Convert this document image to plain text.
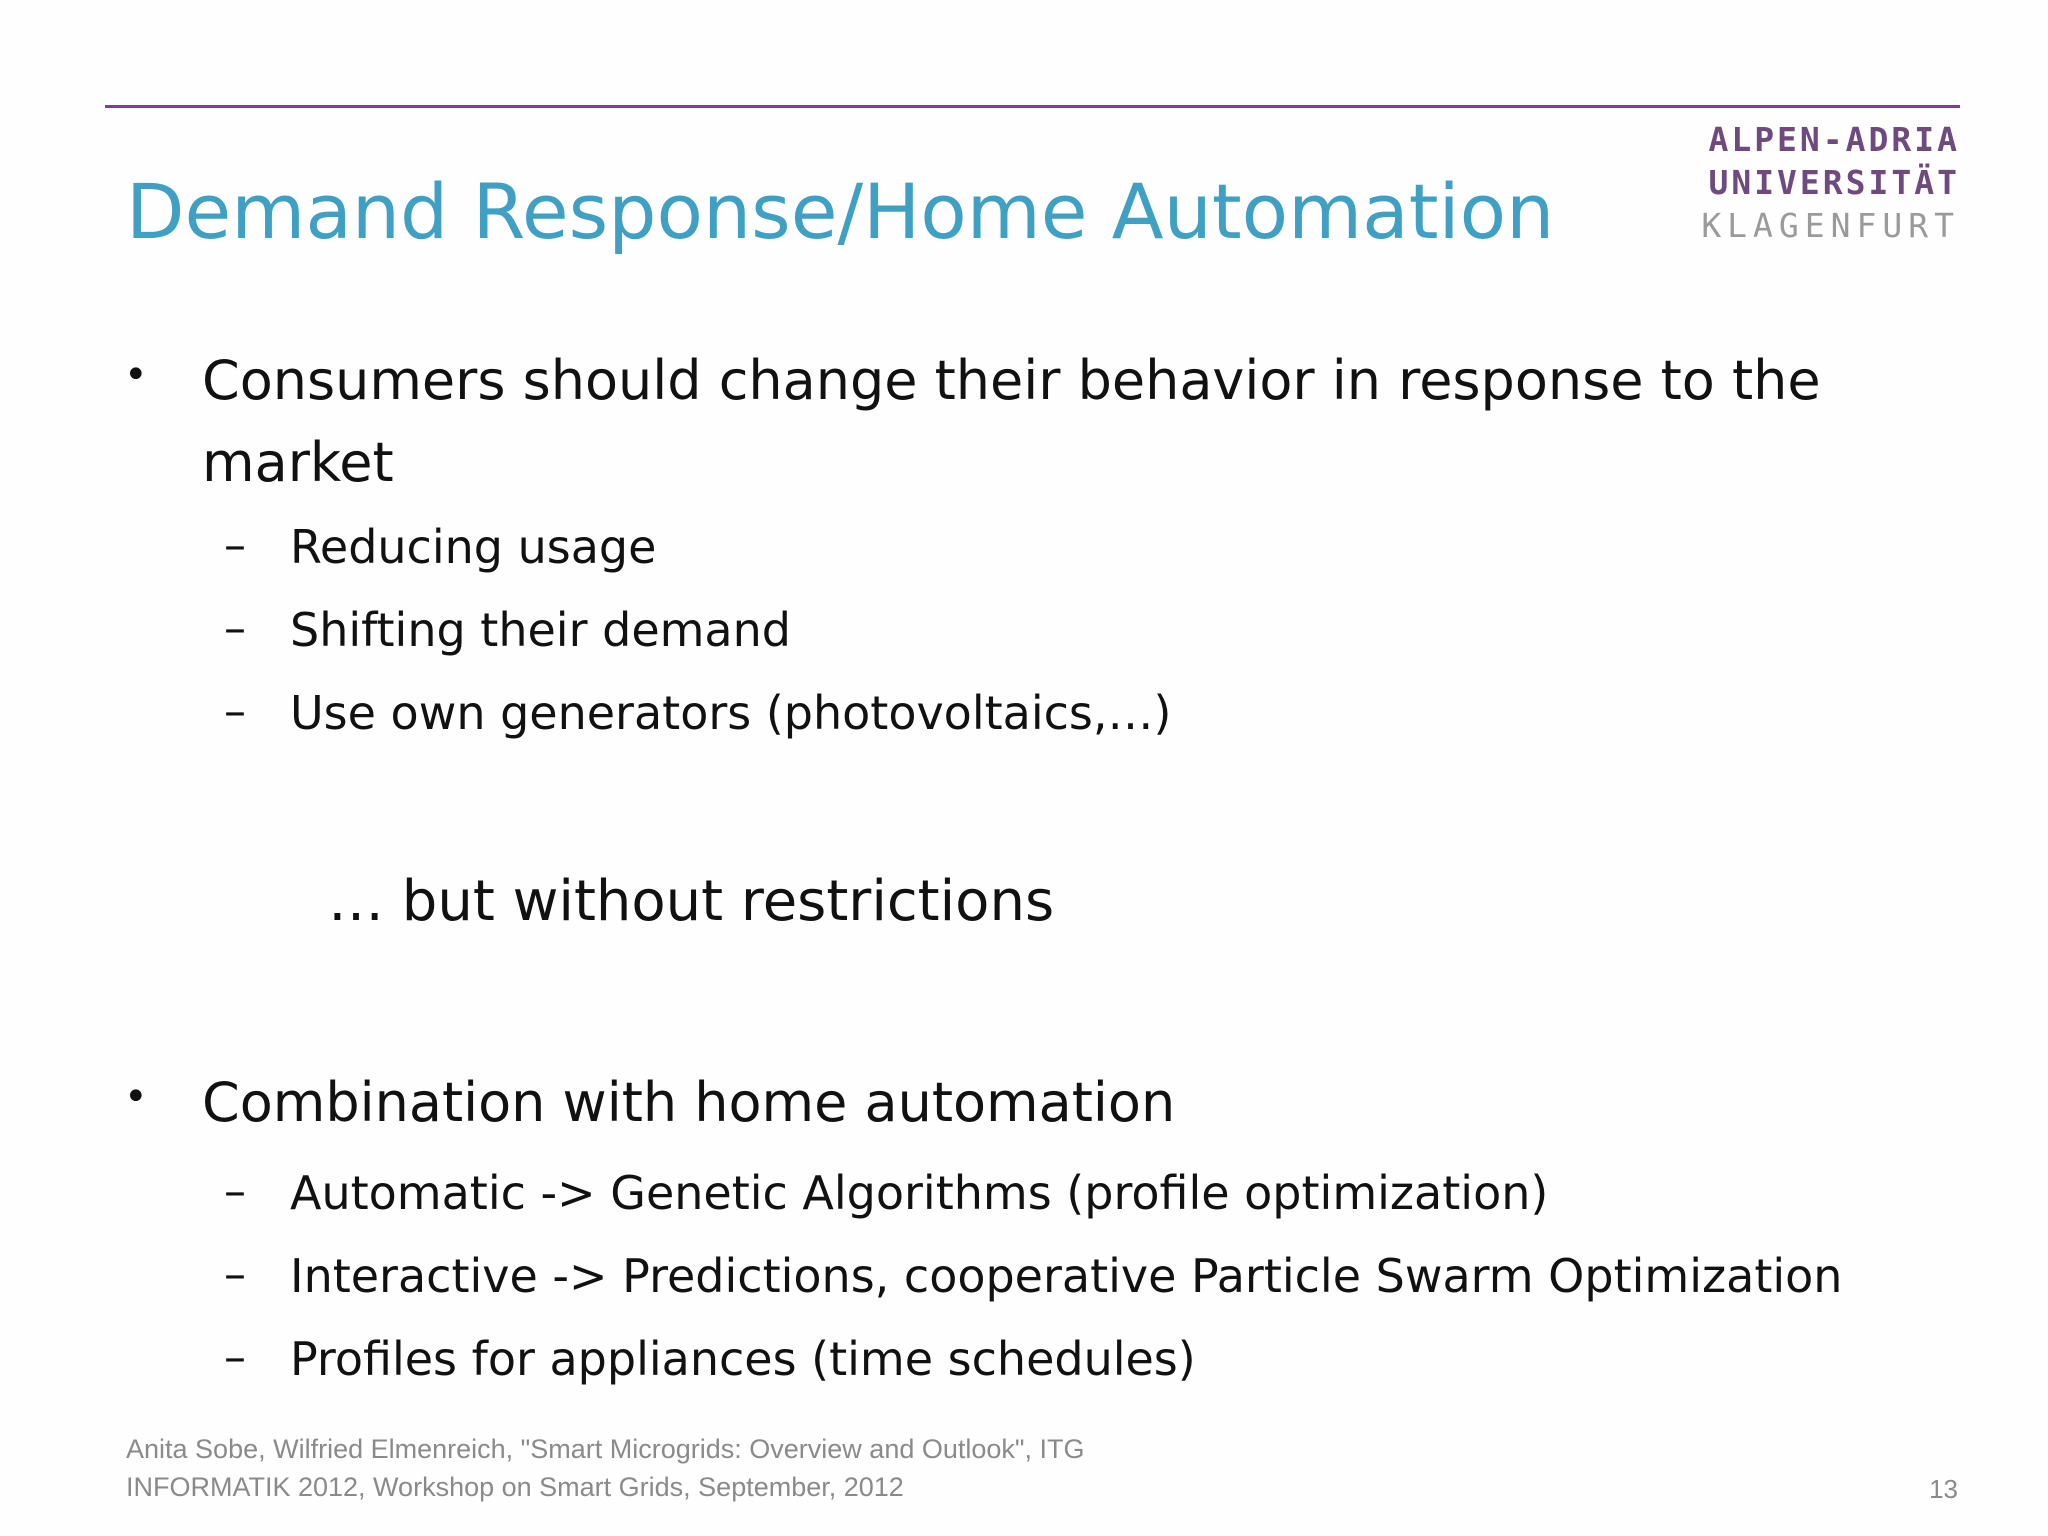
ALPEN-ADRIA
UNIVERSITÄT
KLAGENFURT
Demand Response/Home Automation
• Consumers should change their behavior in response to the
market
– Reducing usage
– Shifting their demand
– Use own generators (photovoltaics,…)
… but without restrictions
• Combination with home automation
– Automatic -> Genetic Algorithms (profile optimization)
– Interactive -> Predictions, cooperative Particle Swarm Optimization
– Profiles for appliances (time schedules)
Anita Sobe, Wilfried Elmenreich, "Smart Microgrids: Overview and Outlook", ITG
INFORMATIK 2012, Workshop on Smart Grids, September, 2012	13
